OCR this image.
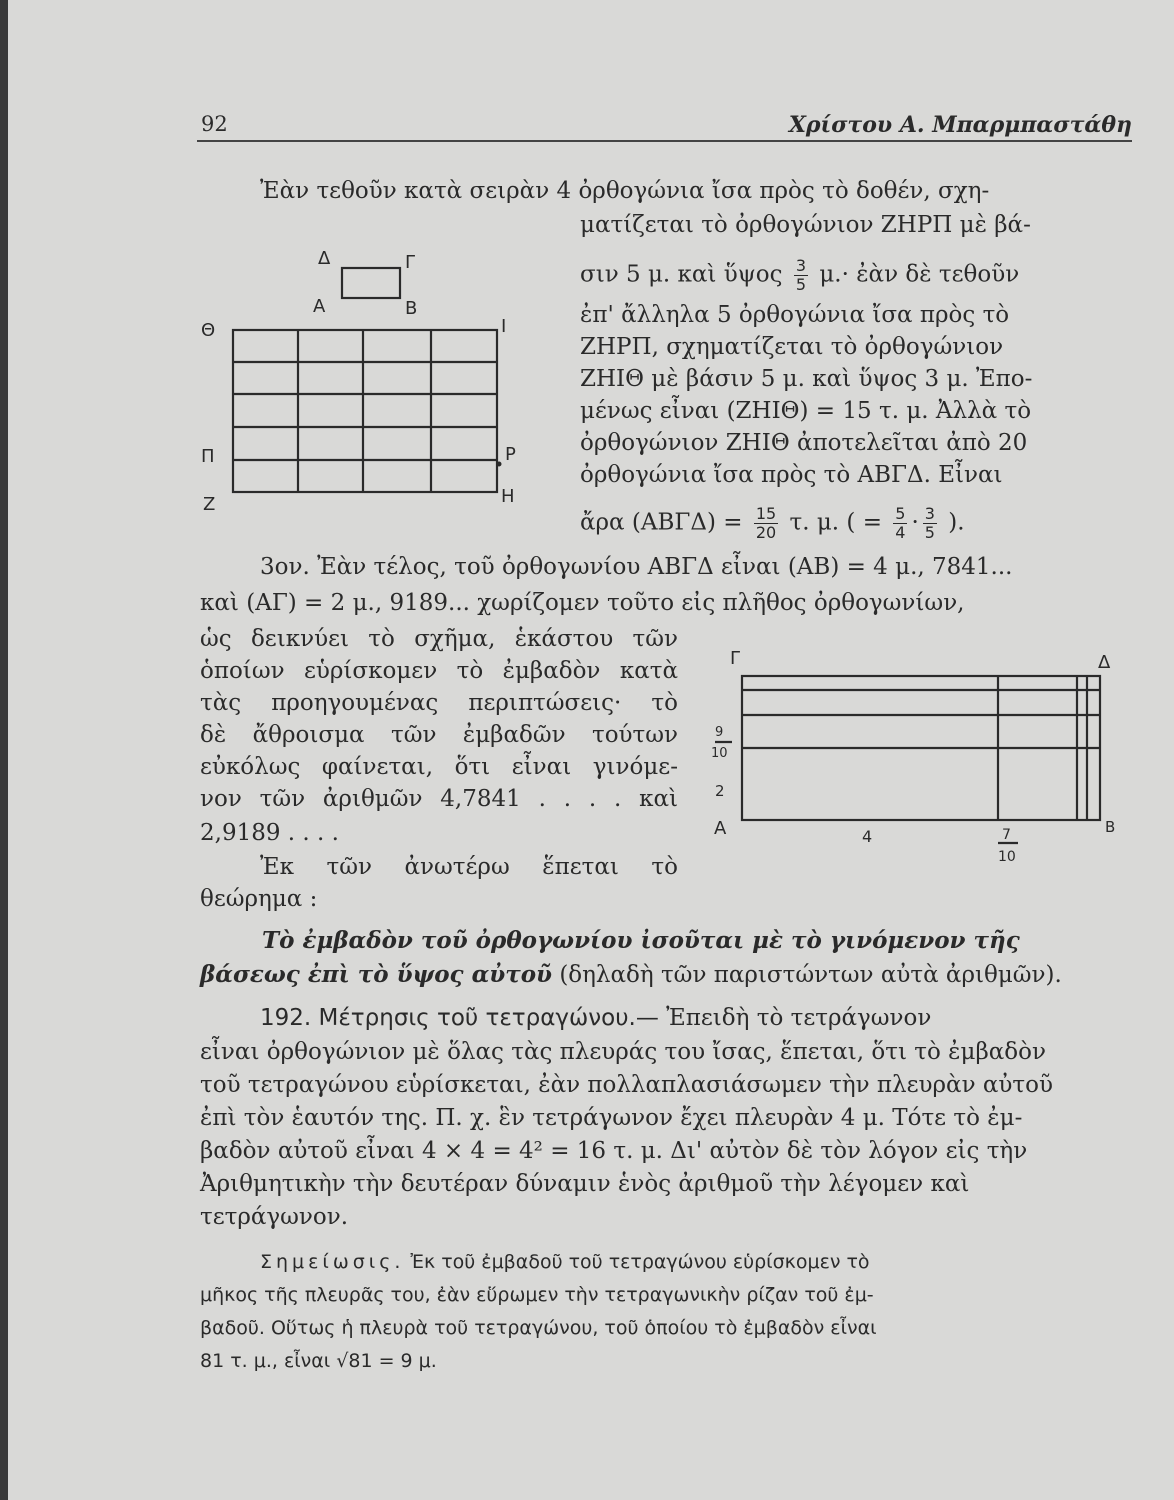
92	Χρίστου Α. Μπαρμπαστάθη
Ἐὰν τεθοῦν κατὰ σειρὰν 4 ὀρθογώνια ἴσα πρὸς τὸ δοθέν, σχη-
ματίζεται τὸ ὀρθογώνιον ΖΗΡΠ μὲ βά-
σιν 5 μ. καὶ ὕψος $\frac{3}{5} \mu.\cdot$ ἐὰν δὲ τεθοῦν
ἐπ' ἄλληλα 5 ὀρθογώνια ἴσα πρὸς τὸ
ΖΗΡΠ, σχηματίζεται τὸ ὀρθογώνιον
ΖΗΙΘ μὲ βάσιν 5 μ. καὶ ὕψος 3 μ. Ἐπο-
μένως εἶναι (ΖΗΙΘ) = 15 τ. μ. Ἀλλὰ τὸ
ὀρθογώνιον ΖΗΙΘ ἀποτελεῖται ἀπὸ 20
ὀρθογώνια ἴσα πρὸς τὸ ΑΒΓΔ. Εἶναι
ἄρα $(AB\Gamma\Delta) = \frac{15}{20} \tau$. μ. ( = $\frac{5}{4} \cdot \frac{3}{5}$ ).
Δ	Γ
Α	Β
Θ	Ι
Π	Ρ
Ζ	Η
3ον. Ἐὰν τέλος, τοῦ ὀρθογωνίου ΑΒΓΔ εἶναι (ΑΒ) = 4 μ., 7841...
καὶ (ΑΓ) = 2 μ., 9189... χωρίζομεν τοῦτο εἰς πλῆθος ὀρθογωνίων,
ὡς δεικνύει τὸ σχῆμα, ἑκάστου τῶν
ὁποίων εὑρίσκομεν τὸ ἐμβαδὸν κατὰ
τὰς προηγουμένας περιπτώσεις· τὸ
δὲ ἄθροισμα τῶν ἐμβαδῶν τούτων
εὐκόλως φαίνεται, ὅτι εἶναι γινόμε-
νον τῶν ἀριθμῶν 4,7841 . . . . καὶ
2,9189 . . . .
Ἐκ τῶν ἀνωτέρω ἕπεται τὸ
θεώρημα :
Γ	Δ
9
10
2
Α	Β
4	7
10
Τὸ ἐμβαδὸν τοῦ ὀρθογωνίου ἰσοῦται μὲ τὸ γινόμενον τῆς
βάσεως ἐπὶ τὸ ὕψος αὐτοῦ (δηλαδὴ τῶν παριστώντων αὐτὰ ἀριθμῶν).
192. Μέτρησις τοῦ τετραγώνου.— Ἐπειδὴ τὸ τετράγωνον
εἶναι ὀρθογώνιον μὲ ὅλας τὰς πλευράς του ἴσας, ἕπεται, ὅτι τὸ ἐμβαδὸν
τοῦ τετραγώνου εὑρίσκεται, ἐὰν πολλαπλασιάσωμεν τὴν πλευρὰν αὐτοῦ
ἐπὶ τὸν ἑαυτόν της. Π. χ. ἓν τετράγωνον ἔχει πλευρὰν 4 μ. Τότε τὸ ἐμ-
βαδὸν αὐτοῦ εἶναι 4 × 4 = 4² = 16 τ. μ. Δι' αὐτὸν δὲ τὸν λόγον εἰς τὴν
Ἀριθμητικὴν τὴν δευτέραν δύναμιν ἑνὸς ἀριθμοῦ τὴν λέγομεν καὶ
τετράγωνον.
Σημείωσις. Ἐκ τοῦ ἐμβαδοῦ τοῦ τετραγώνου εὑρίσκομεν τὸ
μῆκος τῆς πλευρᾶς του, ἐὰν εὕρωμεν τὴν τετραγωνικὴν ρίζαν τοῦ ἐμ-
βαδοῦ. Οὕτως ἡ πλευρὰ τοῦ τετραγώνου, τοῦ ὁποίου τὸ ἐμβαδὸν εἶναι
81 τ. μ., εἶναι √81 = 9 μ.
